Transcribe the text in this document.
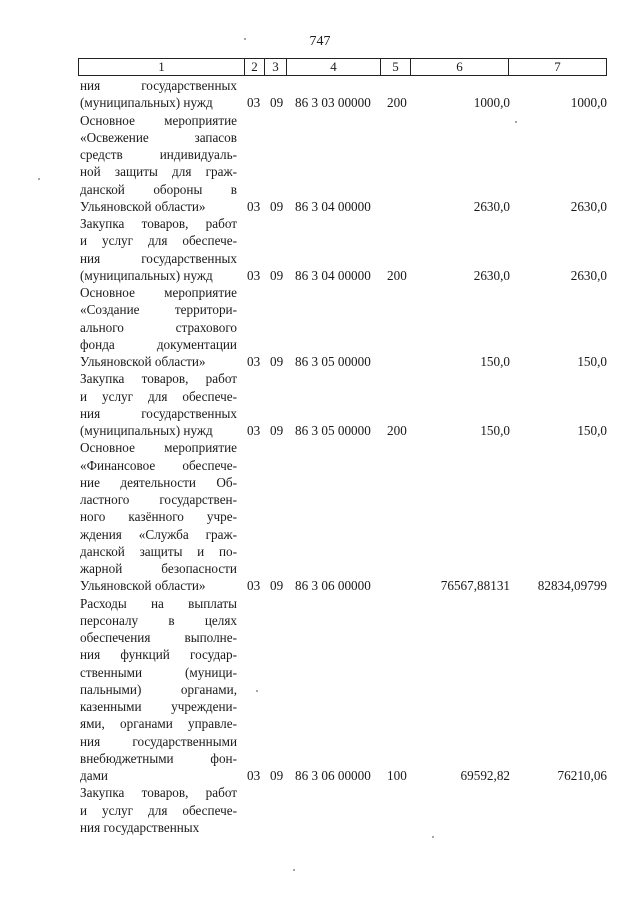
747
1	2	3	4	5	6	7
ния государственных
(муниципальных) нужд	03 09 86 3 03 00000 200	1000,0	1000,0
Основное мероприятие
«Освежение запасов
средств индивидуаль-
ной защиты для граж-
данской обороны в
Ульяновской области»	03 09 86 3 04 00000	2630,0	2630,0
Закупка товаров, работ
и услуг для обеспече-
ния государственных
(муниципальных) нужд	03 09 86 3 04 00000 200	2630,0	2630,0
Основное мероприятие
«Создание территори-
ального страхового
фонда документации
Ульяновской области»	03 09 86 3 05 00000	150,0	150,0
Закупка товаров, работ
и услуг для обеспече-
ния государственных
(муниципальных) нужд	03 09 86 3 05 00000 200	150,0	150,0
Основное мероприятие
«Финансовое обеспече-
ние деятельности Об-
ластного государствен-
ного казённого учре-
ждения «Служба граж-
данской защиты и по-
жарной безопасности
Ульяновской области»	03 09 86 3 06 00000	76567,88131 82834,09799
Расходы на выплаты
персоналу в целях
обеспечения выполне-
ния функций государ-
ственными (муници-
пальными) органами,
казенными учреждени-
ями, органами управле-
ния государственными
внебюджетными фон-
дами	03 09 86 3 06 00000 100	69592,82	76210,06
Закупка товаров, работ
и услуг для обеспече-
ния государственных
